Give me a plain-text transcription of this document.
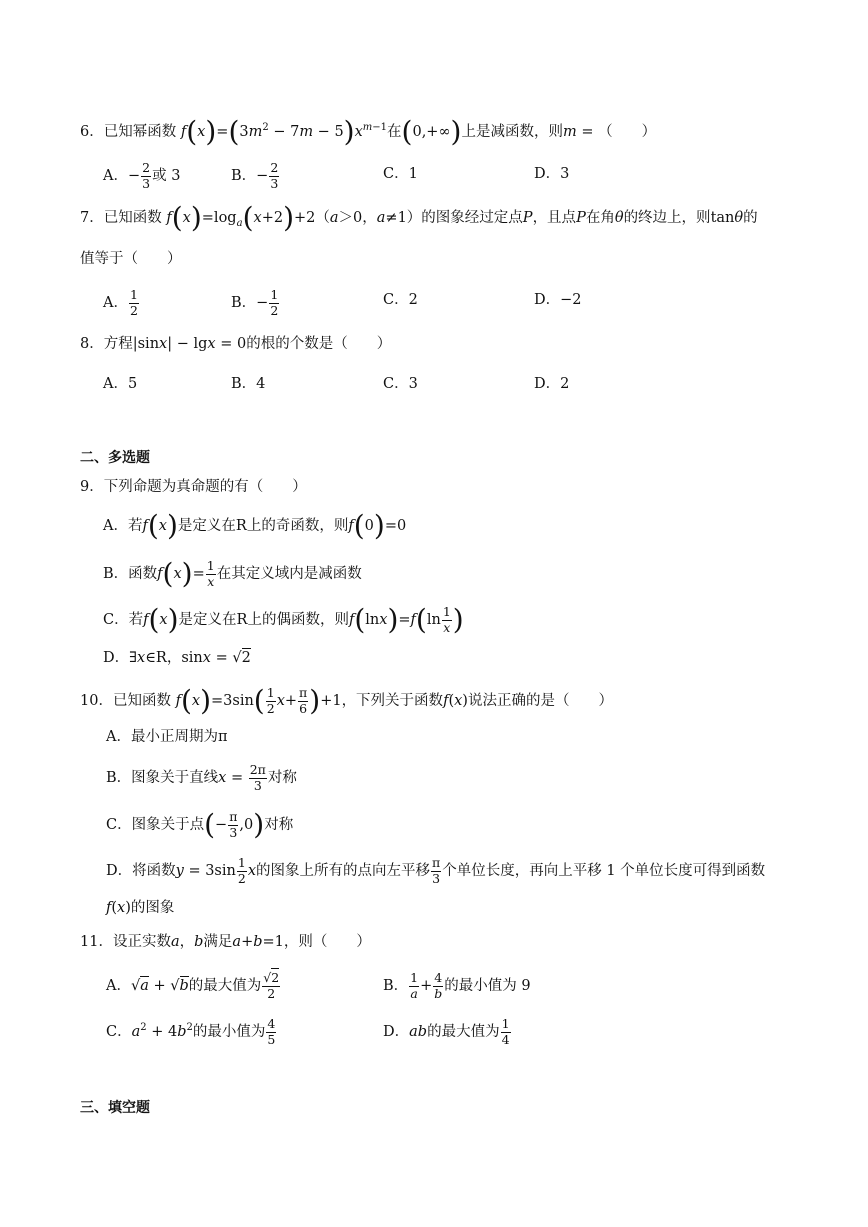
6．已知幂函数 $f(x)=(3m^2 - 7m - 5)x^{m-1}$在(0,+∞)上是减函数，则m = （　　）
A．− $\frac{2}{3}$ 或 3	B．− $\frac{2}{3}$	C．1	D．3
7．已知函数 $f(x)=\log_a(x+2)+2(a>0$，a≠1）的图象经过定点P，且点P在角θ的终边上，则tanθ的
值等于（　　）
A． $\frac{1}{2}$	B．− $\frac{1}{2}$	C．2	D．−2
8．方程|sinx| − lgx = 0的根的个数是（　　）
A．5	B．4	C．3	D．2
二、多选题
9．下列命题为真命题的有（　　）
A．若f(x)是定义在R上的奇函数，则f(0)=0
B．函数$f(x)= \frac{1}{x}$ 在其定义域内是减函数
C．若f(x)是定义在R上的偶函数，则$f(\ln x)=f(\ln \frac{1}{x}$ )
D．∃x∈R，sinx = √2
10．已知函数 $f(x)=3\sin( \frac{1}{2} x+ \frac{\pi}{6} )+1$，下列关于函数f(x)说法正确的是（　　）
A．最小正周期为π
B．图象关于直线$x = \frac{2\pi}{3}$ 对称
C．图象关于点(− $\frac{\pi}{3} ,0$)对称
D．将函数$y = 3\sin \frac{1}{2}$ x的图象上所有的点向左平移 $\frac{\pi}{3}$ 个单位长度，再向上平移 1 个单位长度可得到函数
f(x)的图象
11．设正实数a，b满足a+b=1，则（　　）
A．√a + √b的最大值为 $\frac{√2}{2}$	B． $\frac{1}{a} + \frac{4}{b}$ 的最小值为 9
C．$a^2 + 4b^2$的最小值为 $\frac{4}{5}$	D．ab的最大值为 $\frac{1}{4}$
三、填空题
